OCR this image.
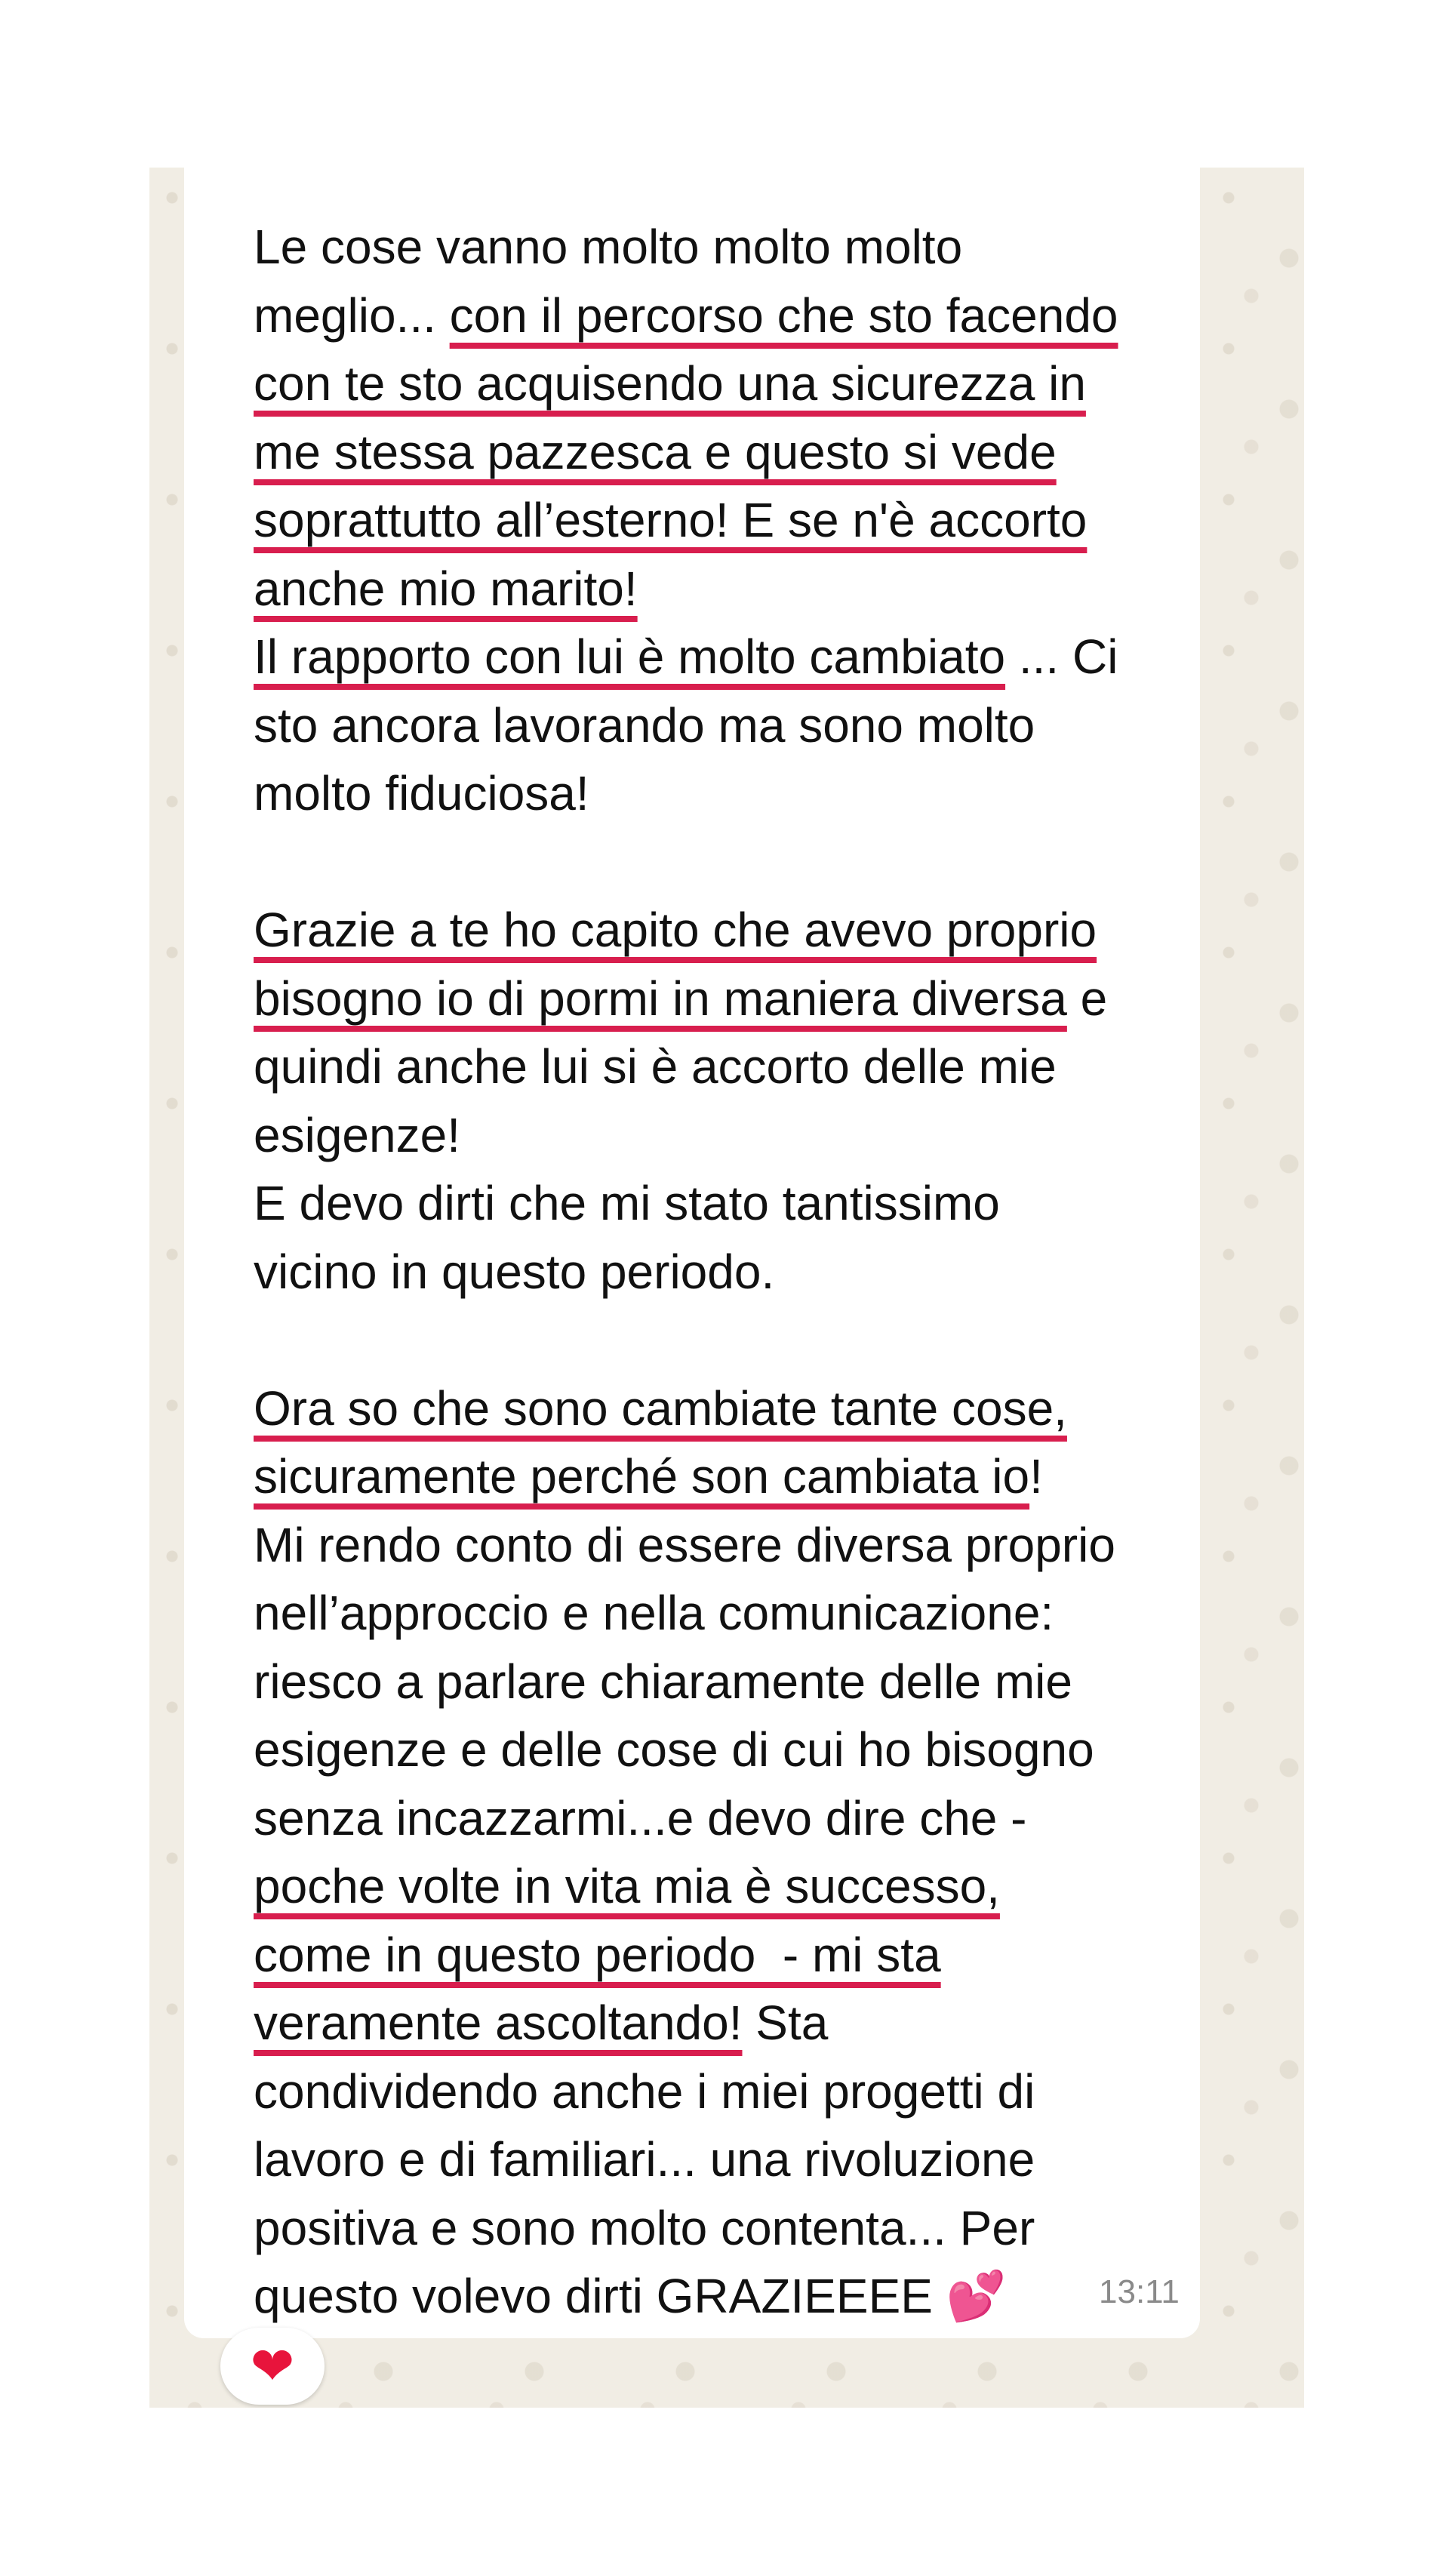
Le cose vanno molto molto molto
meglio... con il percorso che sto facendo
con te sto acquisendo una sicurezza in
me stessa pazzesca e questo si vede
soprattutto all’esterno! E se n'è accorto
anche mio marito!
Il rapporto con lui è molto cambiato ... Ci
sto ancora lavorando ma sono molto
molto fiduciosa!

Grazie a te ho capito che avevo proprio
bisogno io di pormi in maniera diversa e
quindi anche lui si è accorto delle mie
esigenze!
E devo dirti che mi stato tantissimo
vicino in questo periodo.

Ora so che sono cambiate tante cose,
sicuramente perché son cambiata io!
Mi rendo conto di essere diversa proprio
nell’approccio e nella comunicazione:
riesco a parlare chiaramente delle mie
esigenze e delle cose di cui ho bisogno
senza incazzarmi...e devo dire che -
poche volte in vita mia è successo,
come in questo periodo  - mi sta
veramente ascoltando! Sta
condividendo anche i miei progetti di
lavoro e di familiari... una rivoluzione
positiva e sono molto contenta... Per
questo volevo dirti GRAZIEEEE 💕	13:11
❤
